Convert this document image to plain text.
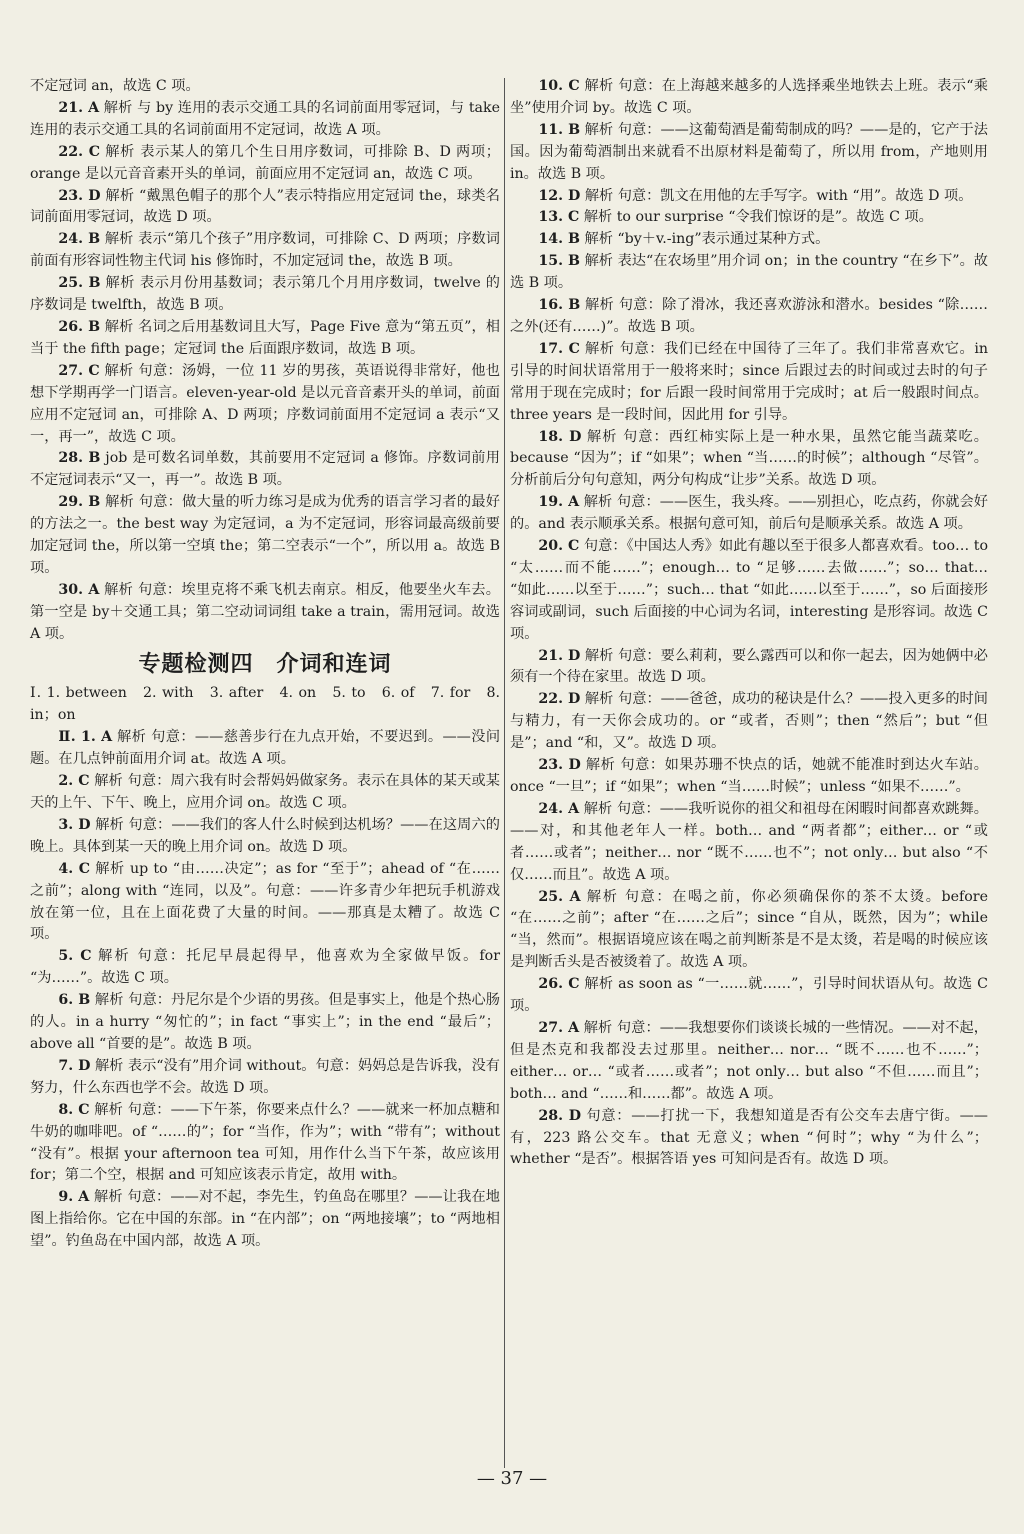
不定冠词 an，故选 C 项。
21. A 解析 与 by 连用的表示交通工具的名词前面用零冠词，与 take 连用的表示交通工具的名词前面用不定冠词，故选 A 项。
22. C 解析 表示某人的第几个生日用序数词，可排除 B、D 两项；orange 是以元音音素开头的单词，前面应用不定冠词 an，故选 C 项。
23. D 解析 “戴黑色帽子的那个人”表示特指应用定冠词 the，球类名词前面用零冠词，故选 D 项。
24. B 解析 表示“第几个孩子”用序数词，可排除 C、D 两项；序数词前面有形容词性物主代词 his 修饰时，不加定冠词 the，故选 B 项。
25. B 解析 表示月份用基数词；表示第几个月用序数词，twelve 的序数词是 twelfth，故选 B 项。
26. B 解析 名词之后用基数词且大写，Page Five 意为“第五页”，相当于 the fifth page；定冠词 the 后面跟序数词，故选 B 项。
27. C 解析 句意：汤姆，一位 11 岁的男孩，英语说得非常好，他也想下学期再学一门语言。eleven-year-old 是以元音音素开头的单词，前面应用不定冠词 an，可排除 A、D 两项；序数词前面用不定冠词 a 表示“又一，再一”，故选 C 项。
28. B job 是可数名词单数，其前要用不定冠词 a 修饰。序数词前用不定冠词表示“又一，再一”。故选 B 项。
29. B 解析 句意：做大量的听力练习是成为优秀的语言学习者的最好的方法之一。the best way 为定冠词，a 为不定冠词，形容词最高级前要加定冠词 the，所以第一空填 the；第二空表示“一个”，所以用 a。故选 B 项。
30. A 解析 句意：埃里克将不乘飞机去南京。相反，他要坐火车去。第一空是 by＋交通工具；第二空动词词组 take a train，需用冠词。故选 A 项。
专题检测四　介词和连词
Ⅰ. 1. between　2. with　3. after　4. on　5. to　6. of　7. for　8. in；on
Ⅱ. 1. A 解析 句意：——慈善步行在九点开始，不要迟到。——没问题。在几点钟前面用介词 at。故选 A 项。
2. C 解析 句意：周六我有时会帮妈妈做家务。表示在具体的某天或某天的上午、下午、晚上，应用介词 on。故选 C 项。
3. D 解析 句意：——我们的客人什么时候到达机场？——在这周六的晚上。具体到某一天的晚上用介词 on。故选 D 项。
4. C 解析 up to “由……决定”；as for “至于”；ahead of “在……之前”；along with “连同，以及”。句意：——许多青少年把玩手机游戏放在第一位，且在上面花费了大量的时间。——那真是太糟了。故选 C 项。
5. C 解析 句意：托尼早晨起得早，他喜欢为全家做早饭。for “为……”。故选 C 项。
6. B 解析 句意：丹尼尔是个少语的男孩。但是事实上，他是个热心肠的人。in a hurry “匆忙的”；in fact “事实上”；in the end “最后”；above all “首要的是”。故选 B 项。
7. D 解析 表示“没有”用介词 without。句意：妈妈总是告诉我，没有努力，什么东西也学不会。故选 D 项。
8. C 解析 句意：——下午茶，你要来点什么？——就来一杯加点糖和牛奶的咖啡吧。of “……的”；for “当作，作为”；with “带有”；without “没有”。根据 your afternoon tea 可知，用作什么当下午茶，故应该用 for；第二个空，根据 and 可知应该表示肯定，故用 with。
9. A 解析 句意：——对不起，李先生，钓鱼岛在哪里？——让我在地图上指给你。它在中国的东部。in “在内部”；on “两地接壤”；to “两地相望”。钓鱼岛在中国内部，故选 A 项。
10. C 解析 句意：在上海越来越多的人选择乘坐地铁去上班。表示“乘坐”使用介词 by。故选 C 项。
11. B 解析 句意：——这葡萄酒是葡萄制成的吗？——是的，它产于法国。因为葡萄酒制出来就看不出原材料是葡萄了，所以用 from，产地则用 in。故选 B 项。
12. D 解析 句意：凯文在用他的左手写字。with “用”。故选 D 项。
13. C 解析 to our surprise “令我们惊讶的是”。故选 C 项。
14. B 解析 “by＋v.-ing”表示通过某种方式。
15. B 解析 表达“在农场里”用介词 on；in the country “在乡下”。故选 B 项。
16. B 解析 句意：除了滑冰，我还喜欢游泳和潜水。besides “除……之外(还有……)”。故选 B 项。
17. C 解析 句意：我们已经在中国待了三年了。我们非常喜欢它。in 引导的时间状语常用于一般将来时；since 后跟过去的时间或过去时的句子常用于现在完成时；for 后跟一段时间常用于完成时；at 后一般跟时间点。three years 是一段时间，因此用 for 引导。
18. D 解析 句意：西红柿实际上是一种水果，虽然它能当蔬菜吃。because “因为”；if “如果”；when “当……的时候”；although “尽管”。分析前后分句句意知，两分句构成“让步”关系。故选 D 项。
19. A 解析 句意：——医生，我头疼。——别担心，吃点药，你就会好的。and 表示顺承关系。根据句意可知，前后句是顺承关系。故选 A 项。
20. C 句意：《中国达人秀》如此有趣以至于很多人都喜欢看。too… to “太……而不能……”；enough… to “足够……去做……”；so… that… “如此……以至于……”；such… that “如此……以至于……”，so 后面接形容词或副词，such 后面接的中心词为名词，interesting 是形容词。故选 C 项。
21. D 解析 句意：要么莉莉，要么露西可以和你一起去，因为她俩中必须有一个待在家里。故选 D 项。
22. D 解析 句意：——爸爸，成功的秘诀是什么？——投入更多的时间与精力，有一天你会成功的。or “或者，否则”；then “然后”；but “但是”；and “和，又”。故选 D 项。
23. D 解析 句意：如果苏珊不快点的话，她就不能准时到达火车站。once “一旦”；if “如果”；when “当……时候”；unless “如果不……”。
24. A 解析 句意：——我听说你的祖父和祖母在闲暇时间都喜欢跳舞。——对，和其他老年人一样。both… and “两者都”；either… or “或者……或者”；neither… nor “既不……也不”；not only… but also “不仅……而且”。故选 A 项。
25. A 解析 句意：在喝之前，你必须确保你的茶不太烫。before “在……之前”；after “在……之后”；since “自从，既然，因为”；while “当，然而”。根据语境应该在喝之前判断茶是不是太烫，若是喝的时候应该是判断舌头是否被烫着了。故选 A 项。
26. C 解析 as soon as “一……就……”，引导时间状语从句。故选 C 项。
27. A 解析 句意：——我想要你们谈谈长城的一些情况。——对不起，但是杰克和我都没去过那里。neither… nor… “既不……也不……”；either… or… “或者……或者”；not only… but also “不但……而且”；both… and “……和……都”。故选 A 项。
28. D 句意：——打扰一下，我想知道是否有公交车去唐宁街。——有，223 路公交车。that 无意义；when “何时”；why “为什么”；whether “是否”。根据答语 yes 可知问是否有。故选 D 项。
— 37 —
